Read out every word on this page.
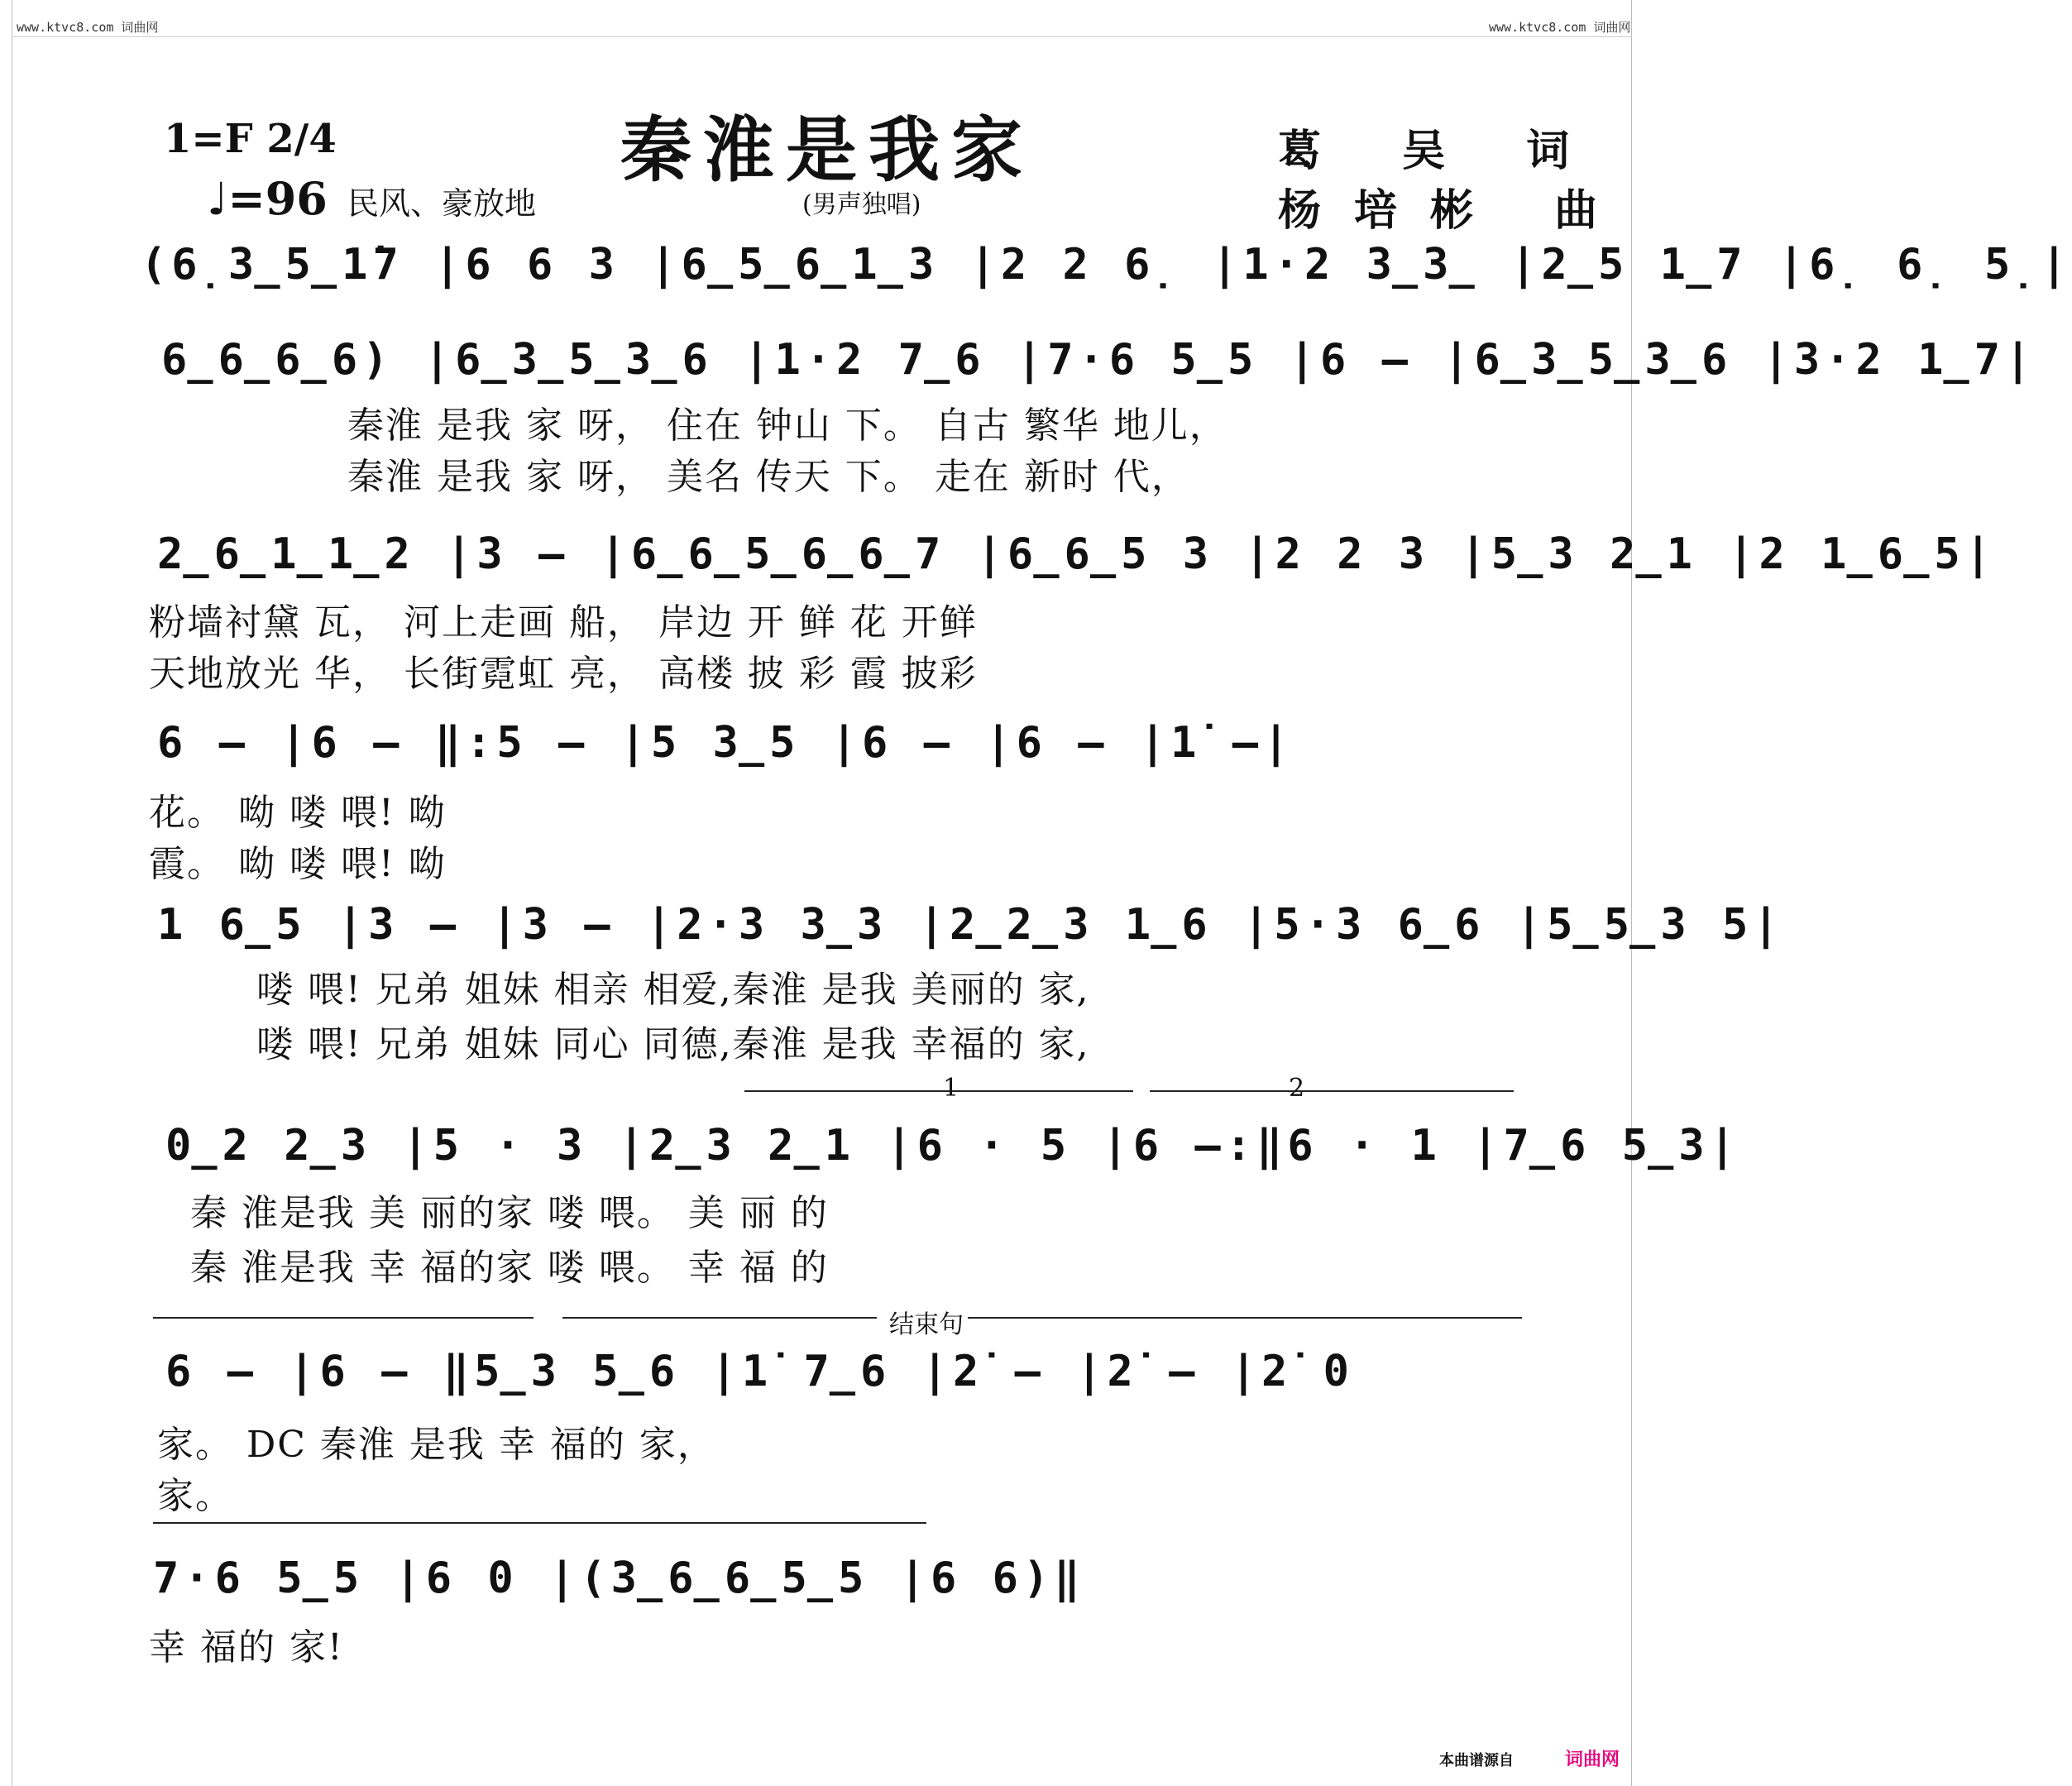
www.ktvc8.com 词曲网	www.ktvc8.com 词曲网
1=F 2/4	秦淮是我家	葛 吴 词
♩=96 民风、豪放地	(男声独唱)	杨培彬 曲
(6̣3̲5̲1̇7 |6 6 3 |6̲5̲6̲1̲3 |2 2 6̣ |1·2 3̲3̲ |2̲5 1̲7 |6̣ 6̣ 5̣|
6̲6̲6̲6) |6̲3̲5̲3̲6 |1·2 7̲6 |7·6 5̲5 |6 — |6̲3̲5̲3̲6 |3·2 1̲7|
秦淮 是我 家 呀， 住在 钟山 下。 自古 繁华 地儿，
秦淮 是我 家 呀， 美名 传天 下。 走在 新时 代，
2̲6̲1̲1̲2 |3 — |6̲6̲5̲6̲6̲7 |6̲6̲5 3 |2 2 3 |5̲3 2̲1 |2 1̲6̲5|
粉墙衬黛 瓦， 河上走画 船， 岸边 开 鲜 花 开鲜
天地放光 华， 长街霓虹 亮， 高楼 披 彩 霞 披彩
6 — |6 — ‖:5 — |5 3̲5 |6 — |6 — |1̇ —|
花。 呦 喽 喂! 呦
霞。 呦 喽 喂! 呦
1 6̲5 |3 — |3 — |2·3 3̲3 |2̲2̲3 1̲6 |5·3 6̲6 |5̲5̲3 5|
喽 喂! 兄弟 姐妹 相亲 相爱,秦淮 是我 美丽的 家,
喽 喂! 兄弟 姐妹 同心 同德,秦淮 是我 幸福的 家,
1	2
0̲2 2̲3 |5 · 3 |2̲3 2̲1 |6 · 5 |6 —:‖6 · 1 |7̲6 5̲3|
秦 淮是我 美 丽的家 喽 喂。 美 丽 的
秦 淮是我 幸 福的家 喽 喂。 幸 福 的
结束句
6 — |6 — ‖5̲3 5̲6 |1̇ 7̲6 |2̇ — |2̇ — |2̇ 0
家。 DC 秦淮 是我 幸 福的 家，
家。
7·6 5̲5 |6 0 |(3̲6̲6̲5̲5 |6 6)‖
幸 福的 家!
本曲谱源自	词曲网
